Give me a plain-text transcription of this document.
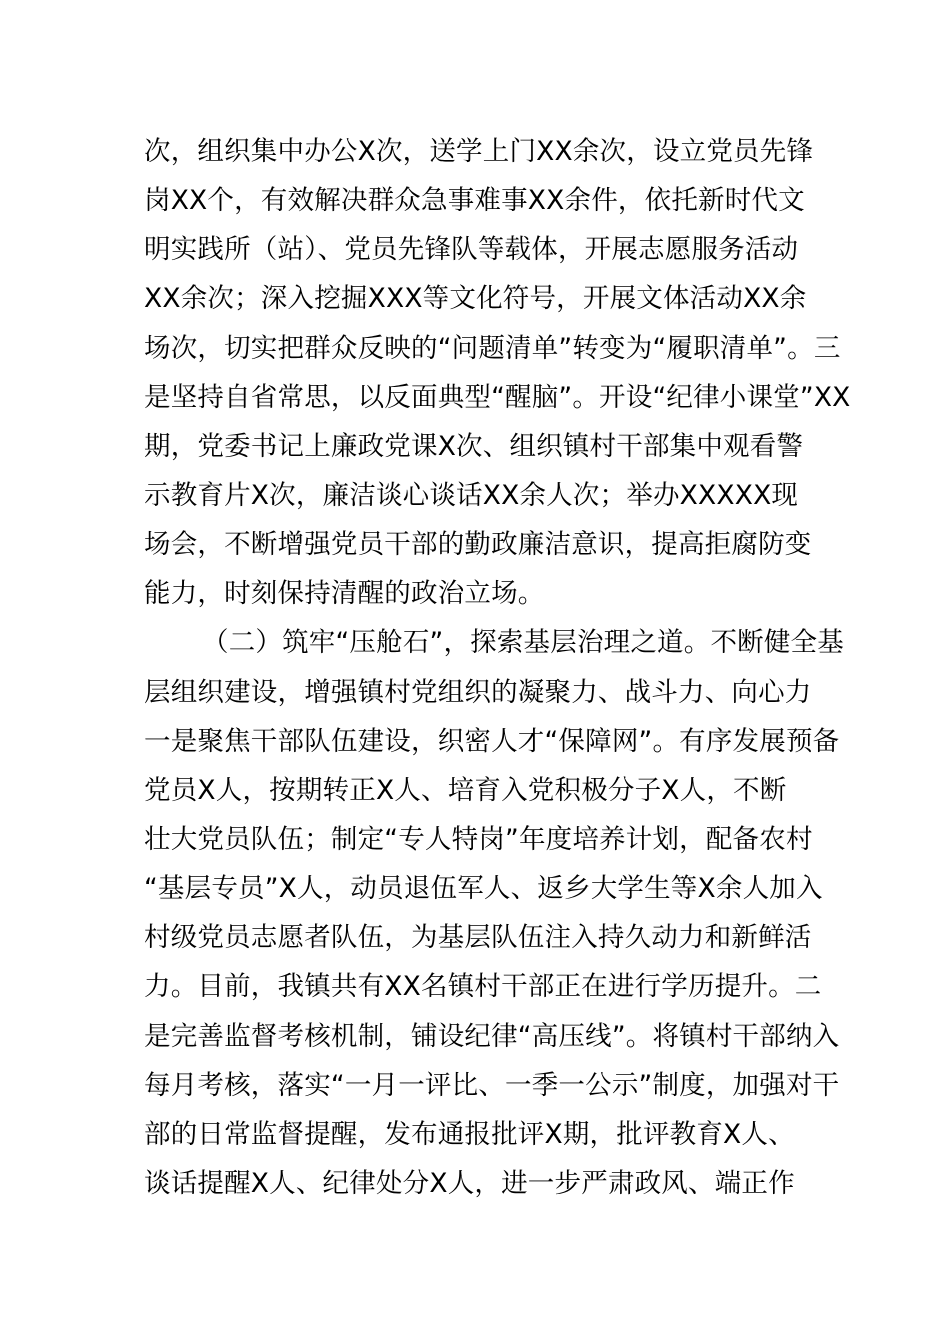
次，组织集中办公X次，送学上门XX余次，设立党员先锋
岗XX个，有效解决群众急事难事XX余件，依托新时代文
明实践所（站）、党员先锋队等载体，开展志愿服务活动
XX余次；深入挖掘XXX等文化符号，开展文体活动XX余
场次，切实把群众反映的“问题清单”转变为“履职清单”。三
是坚持自省常思，以反面典型“醒脑”。开设“纪律小课堂”XX
期，党委书记上廉政党课X次、组织镇村干部集中观看警
示教育片X次，廉洁谈心谈话XX余人次；举办XXXXX现
场会，不断增强党员干部的勤政廉洁意识，提高拒腐防变
能力，时刻保持清醒的政治立场。
（二）筑牢“压舱石”，探索基层治理之道。不断健全基
层组织建设，增强镇村党组织的凝聚力、战斗力、向心力
一是聚焦干部队伍建设，织密人才“保障网”。有序发展预备
党员X人，按期转正X人、培育入党积极分子X人，不断
壮大党员队伍；制定“专人特岗”年度培养计划，配备农村
“基层专员”X人，动员退伍军人、返乡大学生等X余人加入
村级党员志愿者队伍，为基层队伍注入持久动力和新鲜活
力。目前，我镇共有XX名镇村干部正在进行学历提升。二
是完善监督考核机制，铺设纪律“高压线”。将镇村干部纳入
每月考核，落实“一月一评比、一季一公示”制度，加强对干
部的日常监督提醒，发布通报批评X期，批评教育X人、
谈话提醒X人、纪律处分X人，进一步严肃政风、端正作
